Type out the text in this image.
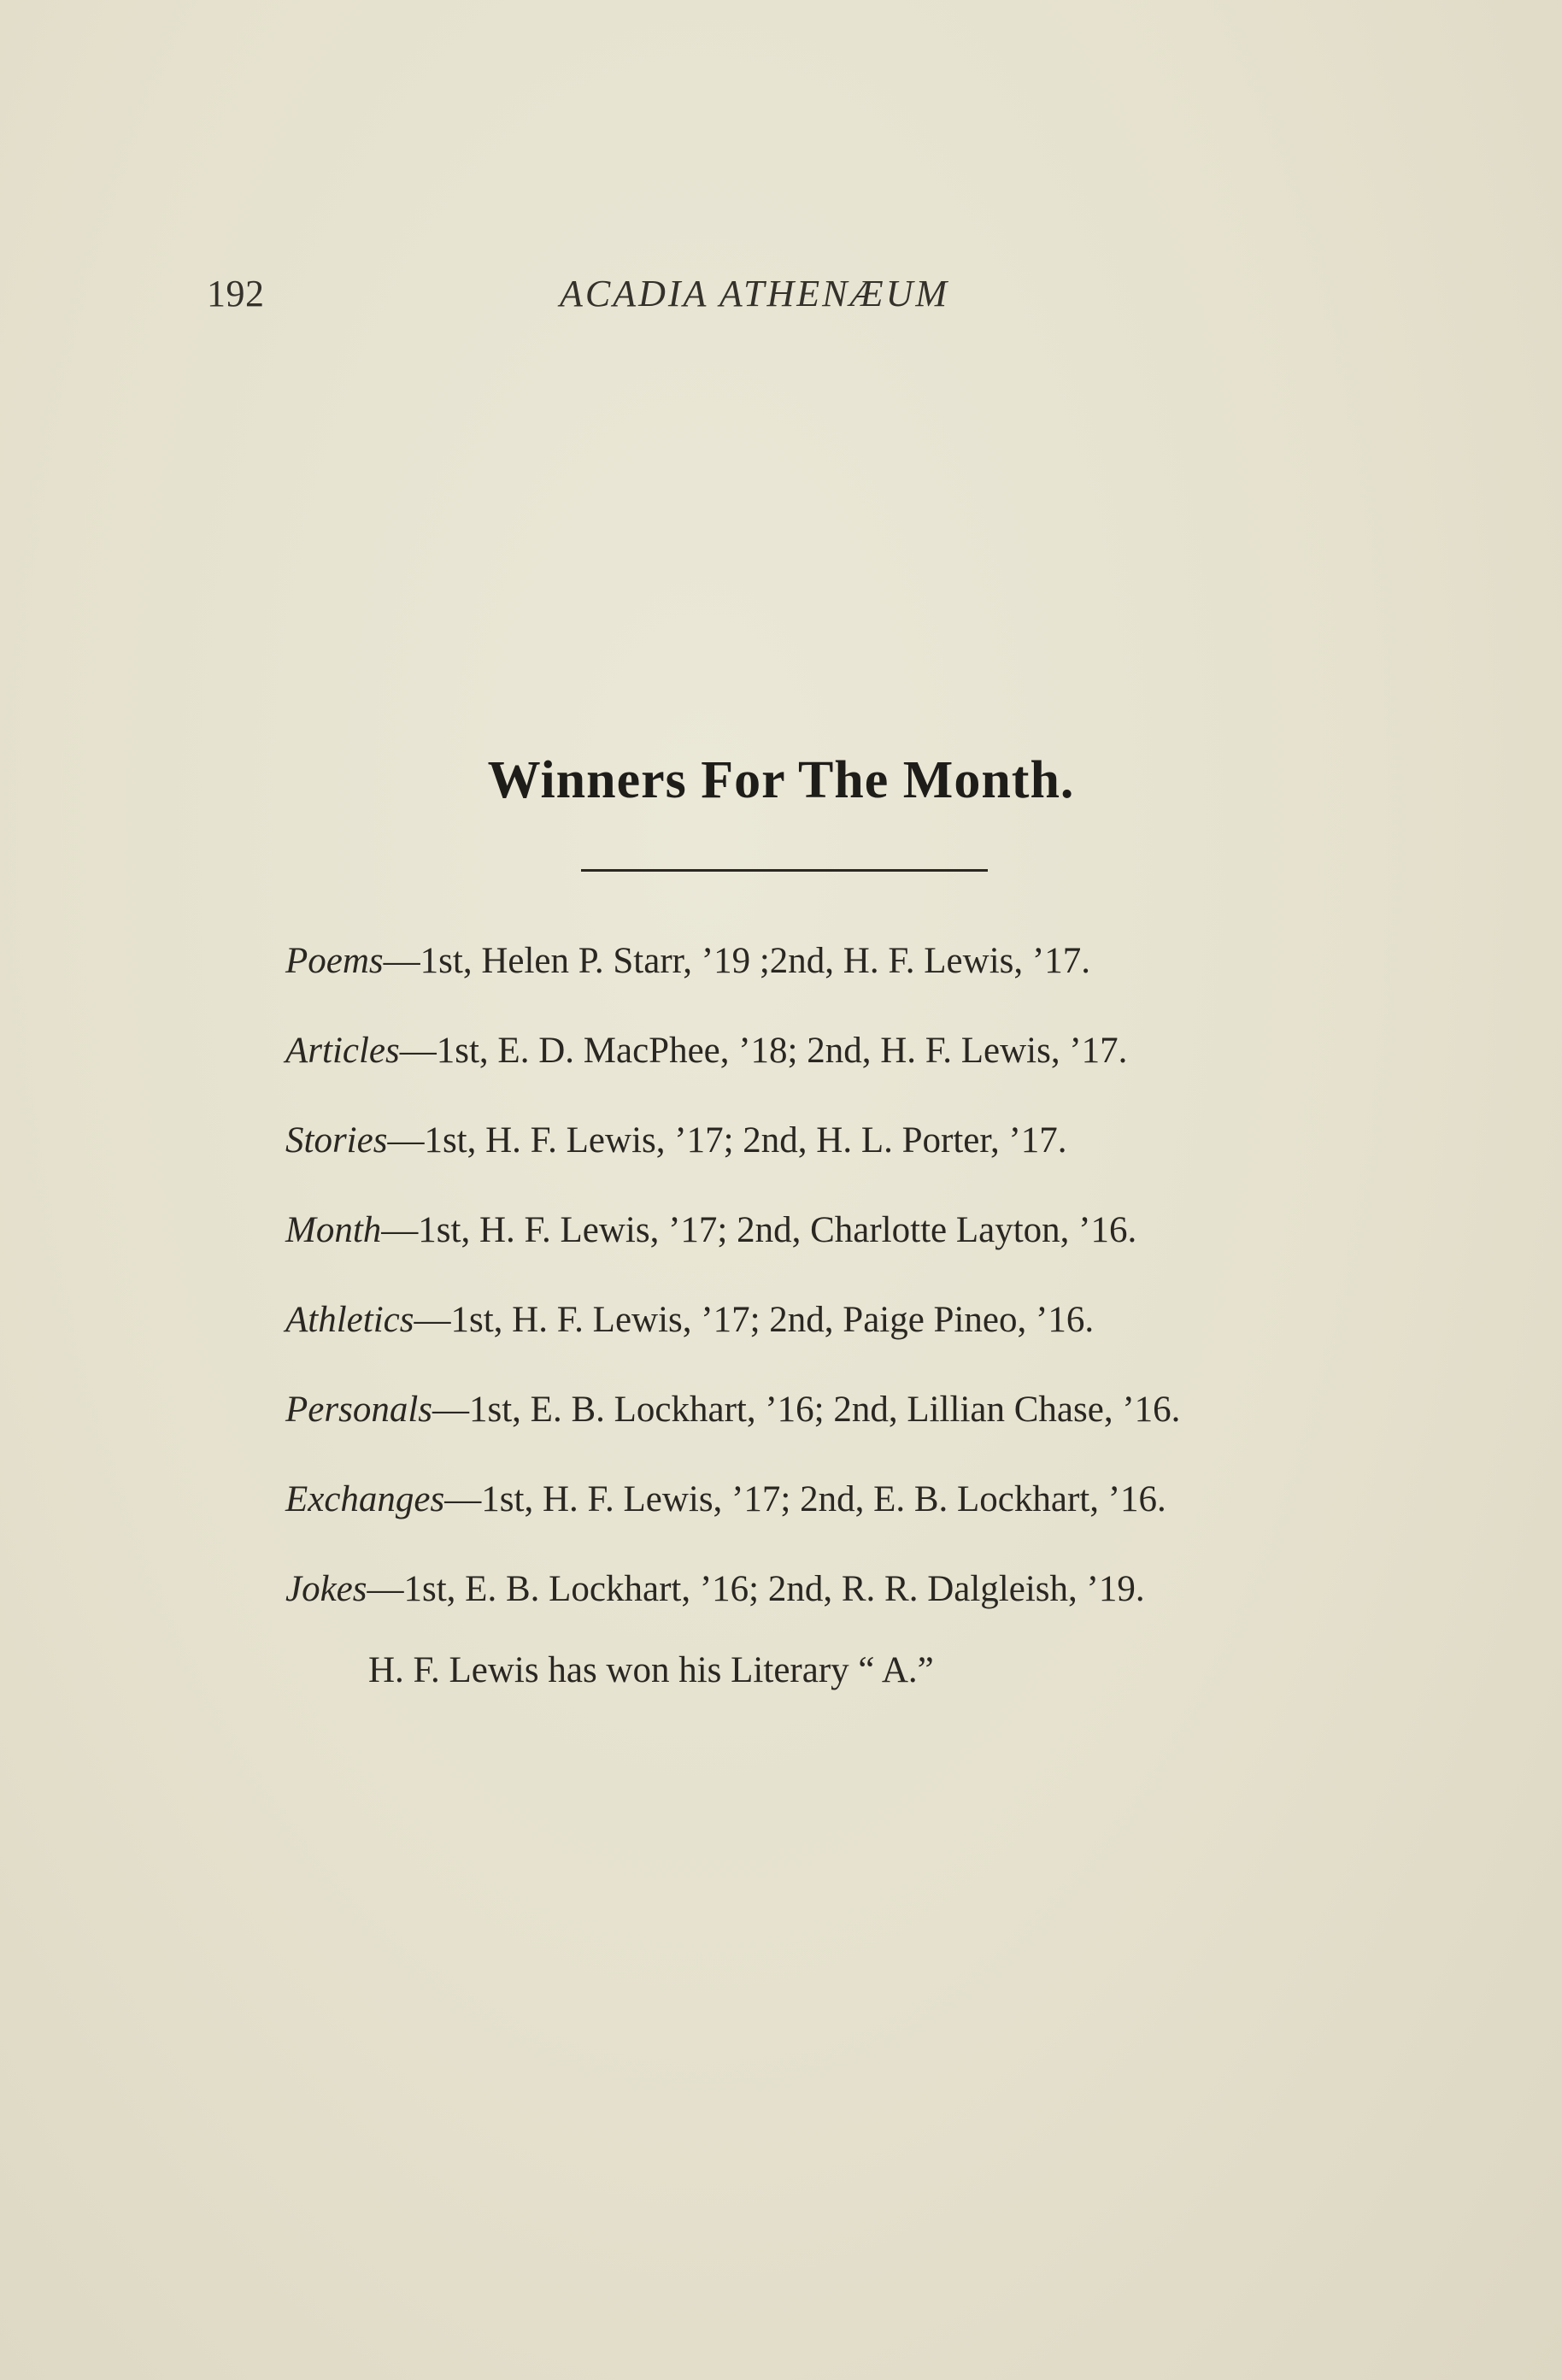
192	ACADIA ATHENÆUM
Winners For The Month.
Poems—1st, Helen P. Starr, ’19 ;2nd, H. F. Lewis, ’17.
Articles—1st, E. D. MacPhee, ’18; 2nd, H. F. Lewis, ’17.
Stories—1st, H. F. Lewis, ’17; 2nd, H. L. Porter, ’17.
Month—1st, H. F. Lewis, ’17; 2nd, Charlotte Layton, ’16.
Athletics—1st, H. F. Lewis, ’17; 2nd, Paige Pineo, ’16.
Personals—1st, E. B. Lockhart, ’16; 2nd, Lillian Chase, ’16.
Exchanges—1st, H. F. Lewis, ’17; 2nd, E. B. Lockhart, ’16.
Jokes—1st, E. B. Lockhart, ’16; 2nd, R. R. Dalgleish, ’19.
H. F. Lewis has won his Literary “ A.”
